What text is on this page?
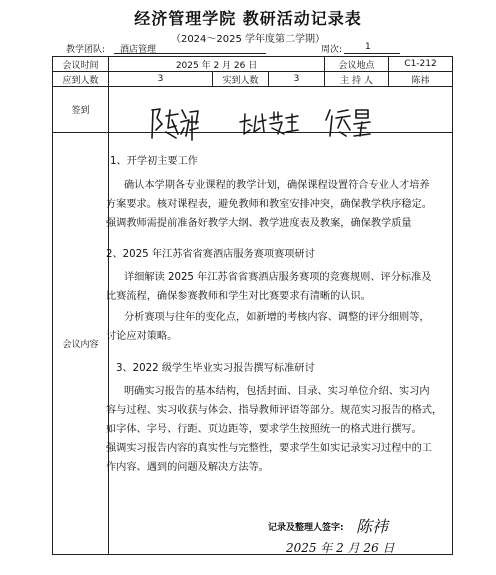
经济管理学院 教研活动记录表
（2024～2025 学年度第二学期）
教学团队: 酒店管理	周次:	1
会议时间	2025 年 2 月 26 日			会议地点	C1-212
应到人数	3	实到人数	3	主 持 人	陈祎
签到					
会议内容					
1、开学初主要工作
确认本学期各专业课程的教学计划，确保课程设置符合专业人才培养
方案要求。核对课程表，避免教师和教室安排冲突，确保教学秩序稳定。
强调教师需提前准备好教学大纲、教学进度表及教案，确保教学质量
2、2025 年江苏省省赛酒店服务赛项赛项研讨
详细解读 2025 年江苏省省赛酒店服务赛项的竞赛规则、评分标准及
比赛流程，确保参赛教师和学生对比赛要求有清晰的认识。
分析赛项与往年的变化点，如新增的考核内容、调整的评分细则等，
讨论应对策略。
3、2022 级学生毕业实习报告撰写标准研讨
明确实习报告的基本结构，包括封面、目录、实习单位介绍、实习内
容与过程、实习收获与体会、指导教师评语等部分。规范实习报告的格式，
如字体、字号、行距、页边距等，要求学生按照统一的格式进行撰写。
强调实习报告内容的真实性与完整性，要求学生如实记录实习过程中的工
作内容、遇到的问题及解决方法等。
记录及整理人签字: 陈祎
2025 年 2 月 26 日
